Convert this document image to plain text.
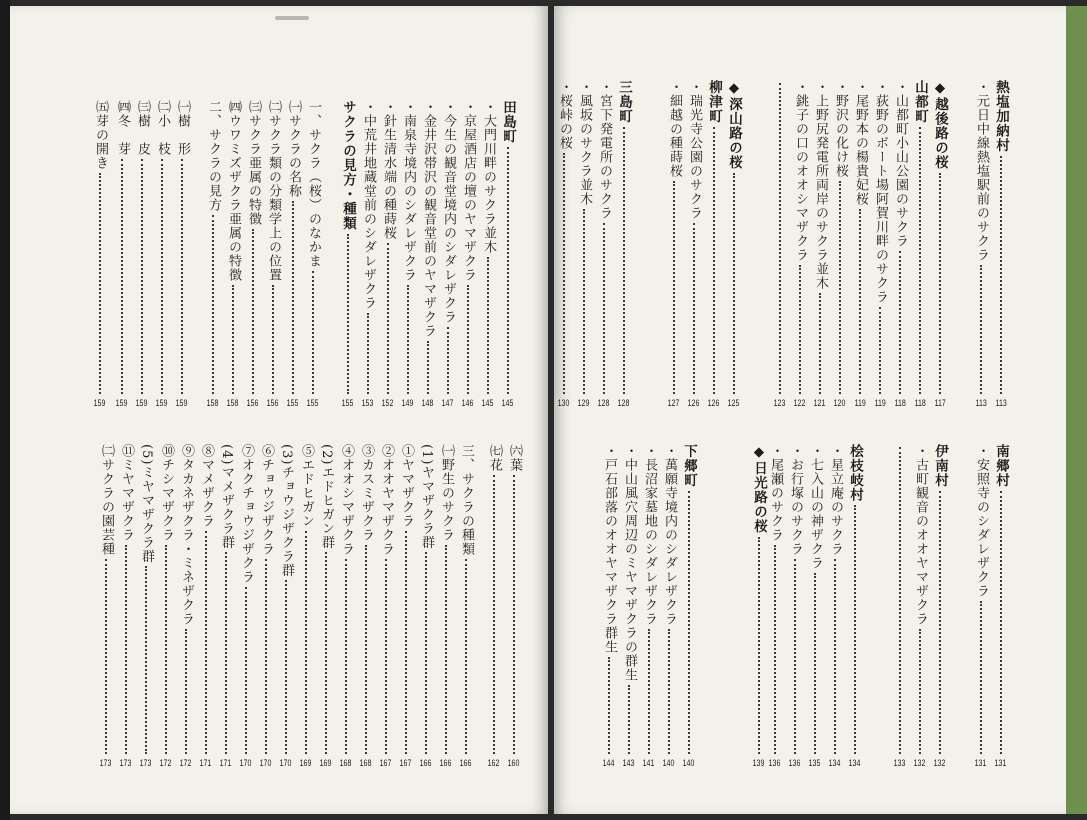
熱塩加納村
113
・元日中線熱塩駅前のサクラ
113
◆越後路の桜
117
山都町
118
・山都町小山公園のサクラ
118
・荻野のボート場阿賀川畔のサクラ
119
・尾野本の楊貴妃桜
119
・野沢の化け桜
120
・上野尻発電所両岸のサクラ並木
121
・銚子の口のオオシマザクラ
122
123
◆深山路の桜
125
柳津町
126
・瑞光寺公園のサクラ
126
・細越の種蒔桜
127
三島町
128
・宮下発電所のサクラ
128
・風坂のサクラ並木
129
・桜峠の桜
130
南郷村
131
・安照寺のシダレザクラ
131
伊南村
132
・古町観音のオオヤマザクラ
132
133
桧枝岐村
134
・星立庵のサクラ
134
・七入山の神ザクラ
135
・お行塚のサクラ
136
・尾瀬のサクラ
136
◆日光路の桜
139
下郷町
140
・萬願寺境内のシダレザクラ
140
・長沼家墓地のシダレザクラ
141
・中山風穴周辺のミヤマザクラの群生
143
・戸石部落のオオヤマザクラ群生
144
田島町
145
・大門川畔のサクラ並木
145
・京屋酒店の壇のヤマザクラ
146
・今生の観音堂境内のシダレザクラ
147
・金井沢帯沢の観音堂前のヤマザクラ
148
・南泉寺境内のシダレザクラ
149
・針生清水端の種蒔桜
152
・中荒井地蔵堂前のシダレザクラ
153
サクラの見方・種類
155
一、サクラ（桜）のなかま
155
㈠サクラの名称
155
㈡サクラ類の分類学上の位置
156
㈢サクラ亜属の特徴
156
㈣ウワミズザクラ亜属の特徴
158
二、サクラの見方
158
㈠樹　形
159
㈡小　枝
159
㈢樹　皮
159
㈣冬　芽
159
㈤芽の開き
159
㈥葉
160
㈦花
162
三、サクラの種類
166
㈠野生のサクラ
166
(1)ヤマザクラ群
166
①ヤマザクラ
167
②オオヤマザクラ
167
③カスミザクラ
168
④オオシマザクラ
168
(2)エドヒガン群
169
⑤エドヒガン
169
(3)チョウジザクラ群
170
⑥チョウジザクラ
170
⑦オクチョウジザクラ
170
(4)マメザクラ群
171
⑧マメザクラ
171
⑨タカネザクラ・ミネザクラ
172
⑩チシマザクラ
172
(5)ミヤマザクラ群
173
⑪ミヤマザクラ
173
㈡サクラの園芸種
173
